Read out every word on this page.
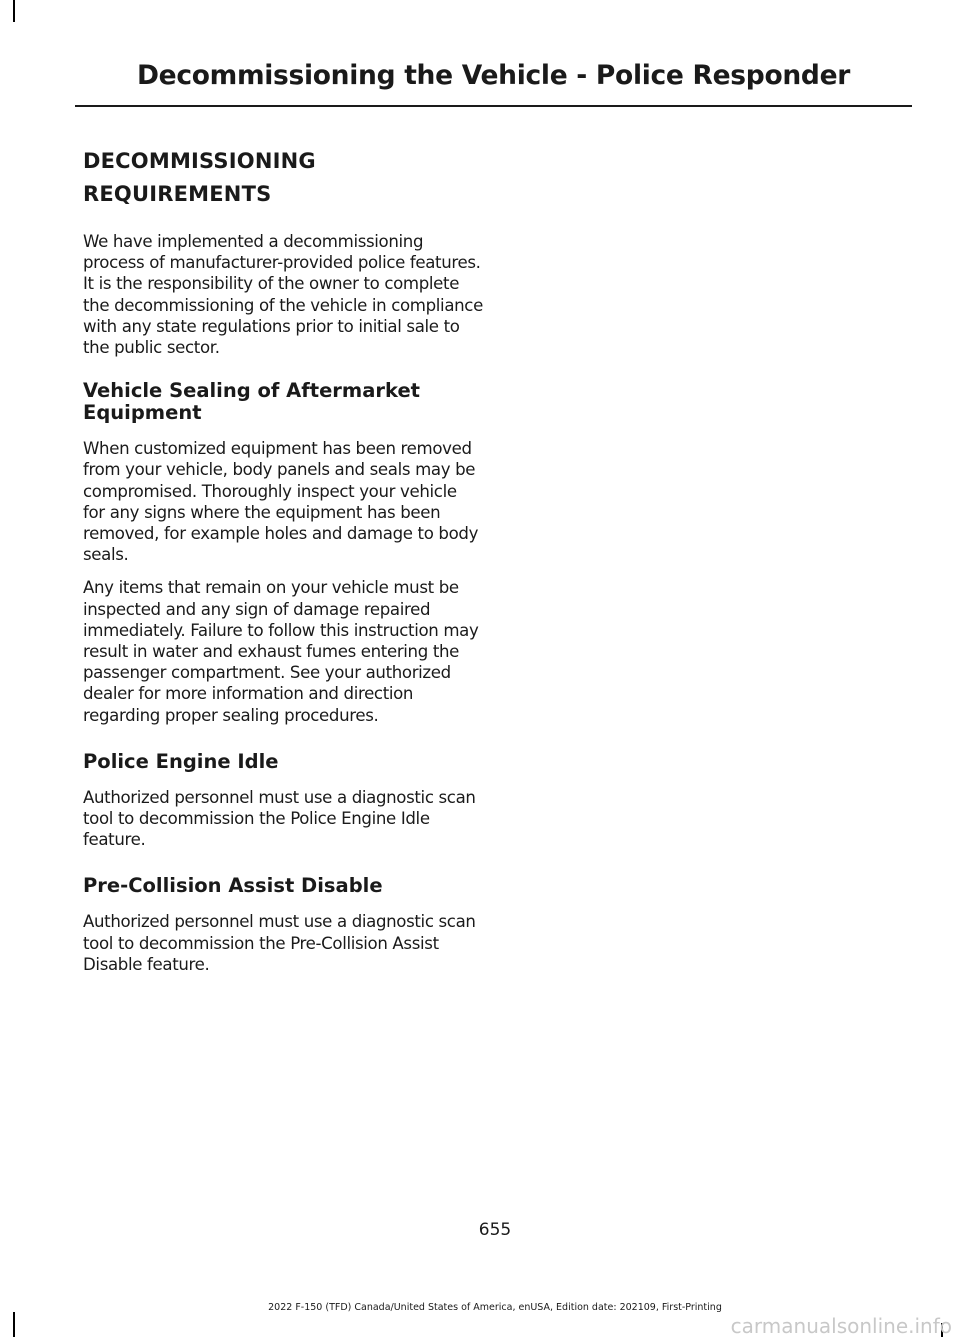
Decommissioning the Vehicle - Police Responder
DECOMMISSIONING
REQUIREMENTS

We have implemented a decommissioning process of manufacturer-provided police features. It is the responsibility of the owner to complete the decommissioning of the vehicle in compliance with any state regulations prior to initial sale to the public sector.

Vehicle Sealing of Aftermarket Equipment

When customized equipment has been removed from your vehicle, body panels and seals may be compromised. Thoroughly inspect your vehicle for any signs where the equipment has been removed, for example holes and damage to body seals.

Any items that remain on your vehicle must be inspected and any sign of damage repaired immediately. Failure to follow this instruction may result in water and exhaust fumes entering the passenger compartment. See your authorized dealer for more information and direction regarding proper sealing procedures.

Police Engine Idle

Authorized personnel must use a diagnostic scan tool to decommission the Police Engine Idle feature.

Pre-Collision Assist Disable

Authorized personnel must use a diagnostic scan tool to decommission the Pre-Collision Assist Disable feature.

655
2022 F-150 (TFD) Canada/United States of America, enUSA, Edition date: 202109, First-Printing
carmanualsonline.info
